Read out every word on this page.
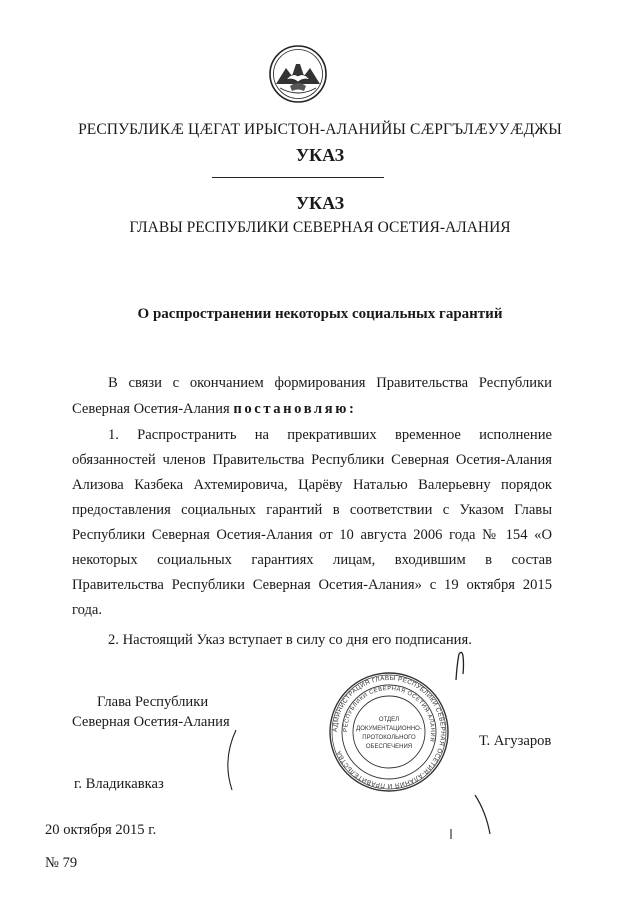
РЕСПУБЛИКӔ ЦӔГАТ ИРЫСТОН-АЛАНИЙЫ СӔРГЪЛӔУУӔДЖЫ
УКАЗ
УКАЗ
ГЛАВЫ РЕСПУБЛИКИ СЕВЕРНАЯ ОСЕТИЯ-АЛАНИЯ
О распространении некоторых социальных гарантий
В связи с окончанием формирования Правительства Республики
Северная Осетия-Алания постановляю:
1. Распространить на прекративших временное исполнение
обязанностей членов Правительства Республики Северная Осетия-Алания
Ализова Казбека Ахтемировича, Царёву Наталью Валерьевну порядок
предоставления социальных гарантий в соответствии с Указом Главы
Республики Северная Осетия-Алания от 10 августа 2006 года № 154 «О
некоторых социальных гарантиях лицам, входившим в состав
Правительства Республики Северная Осетия-Алания» с 19 октября 2015
года.
2. Настоящий Указ вступает в силу со дня его подписания.
Глава Республики
Северная Осетия-Алания
Т. Агузаров
АДМИНИСТРАЦИЯ ГЛАВЫ РЕСПУБЛИКИ СЕВЕРНАЯ ОСЕТИЯ-АЛАНИЯ И ПРАВИТЕЛЬСТВА
РЕСПУБЛИКИ СЕВЕРНАЯ ОСЕТИЯ-АЛАНИЯ
ОТДЕЛ
ДОКУМЕНТАЦИОННО-
ПРОТОКОЛЬНОГО
ОБЕСПЕЧЕНИЯ
г. Владикавказ
20 октября 2015 г.
№ 79
